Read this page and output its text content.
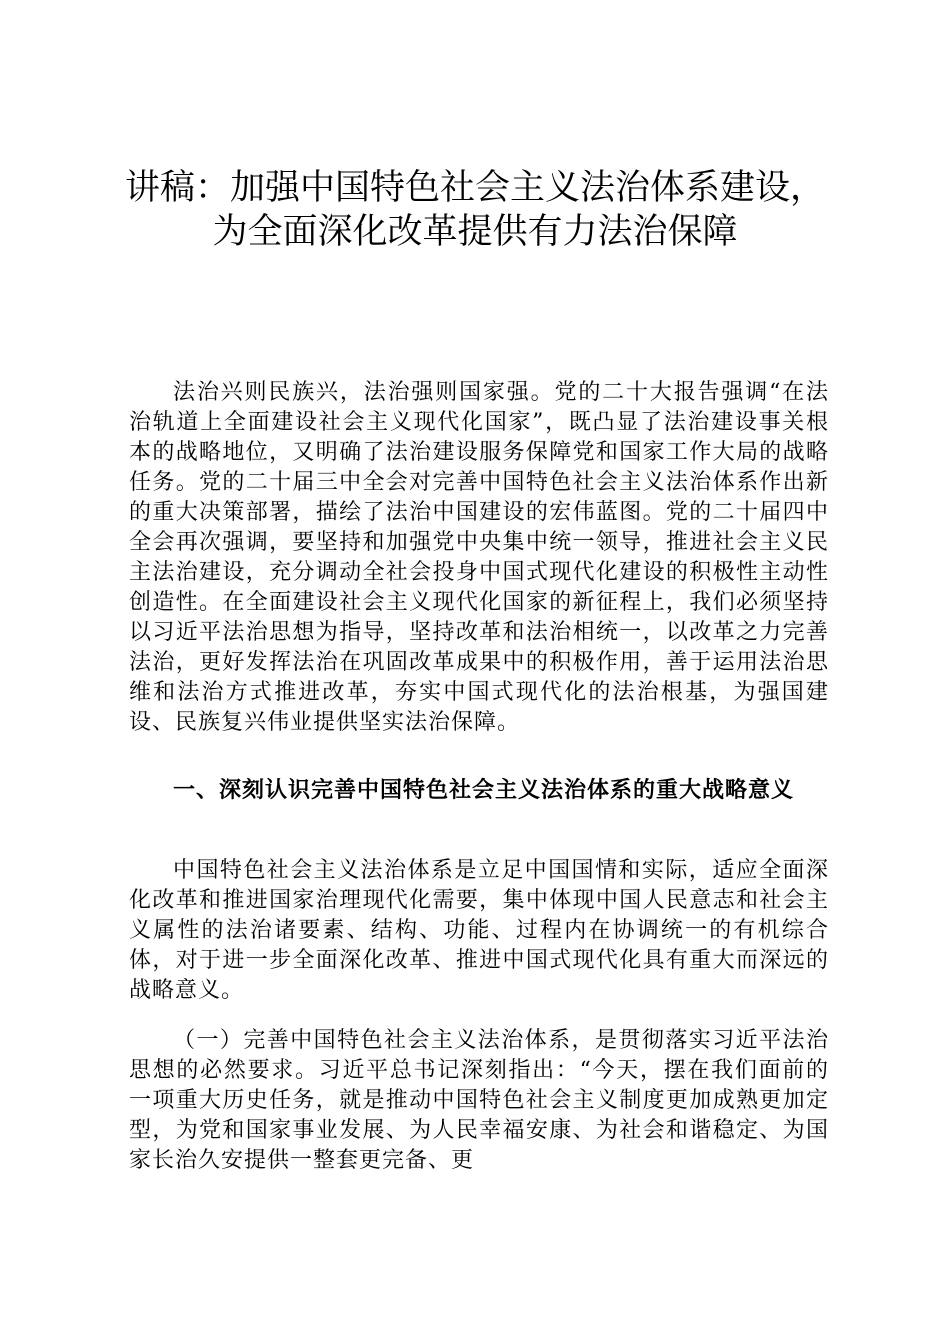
讲稿：加强中国特色社会主义法治体系建设，
为全面深化改革提供有力法治保障

法治兴则民族兴，法治强则国家强。党的二十大报告强调“在法治轨道上全面建设社会主义现代化国家”，既凸显了法治建设事关根本的战略地位，又明确了法治建设服务保障党和国家工作大局的战略任务。党的二十届三中全会对完善中国特色社会主义法治体系作出新的重大决策部署，描绘了法治中国建设的宏伟蓝图。党的二十届四中全会再次强调，要坚持和加强党中央集中统一领导，推进社会主义民主法治建设，充分调动全社会投身中国式现代化建设的积极性主动性创造性。在全面建设社会主义现代化国家的新征程上，我们必须坚持以习近平法治思想为指导，坚持改革和法治相统一，以改革之力完善法治，更好发挥法治在巩固改革成果中的积极作用，善于运用法治思维和法治方式推进改革，夯实中国式现代化的法治根基，为强国建设、民族复兴伟业提供坚实法治保障。

一、深刻认识完善中国特色社会主义法治体系的重大战略意义

中国特色社会主义法治体系是立足中国国情和实际，适应全面深化改革和推进国家治理现代化需要，集中体现中国人民意志和社会主义属性的法治诸要素、结构、功能、过程内在协调统一的有机综合体，对于进一步全面深化改革、推进中国式现代化具有重大而深远的战略意义。

（一）完善中国特色社会主义法治体系，是贯彻落实习近平法治思想的必然要求。习近平总书记深刻指出：“今天，摆在我们面前的一项重大历史任务，就是推动中国特色社会主义制度更加成熟更加定型，为党和国家事业发展、为人民幸福安康、为社会和谐稳定、为国家长治久安提供一整套更完备、更
